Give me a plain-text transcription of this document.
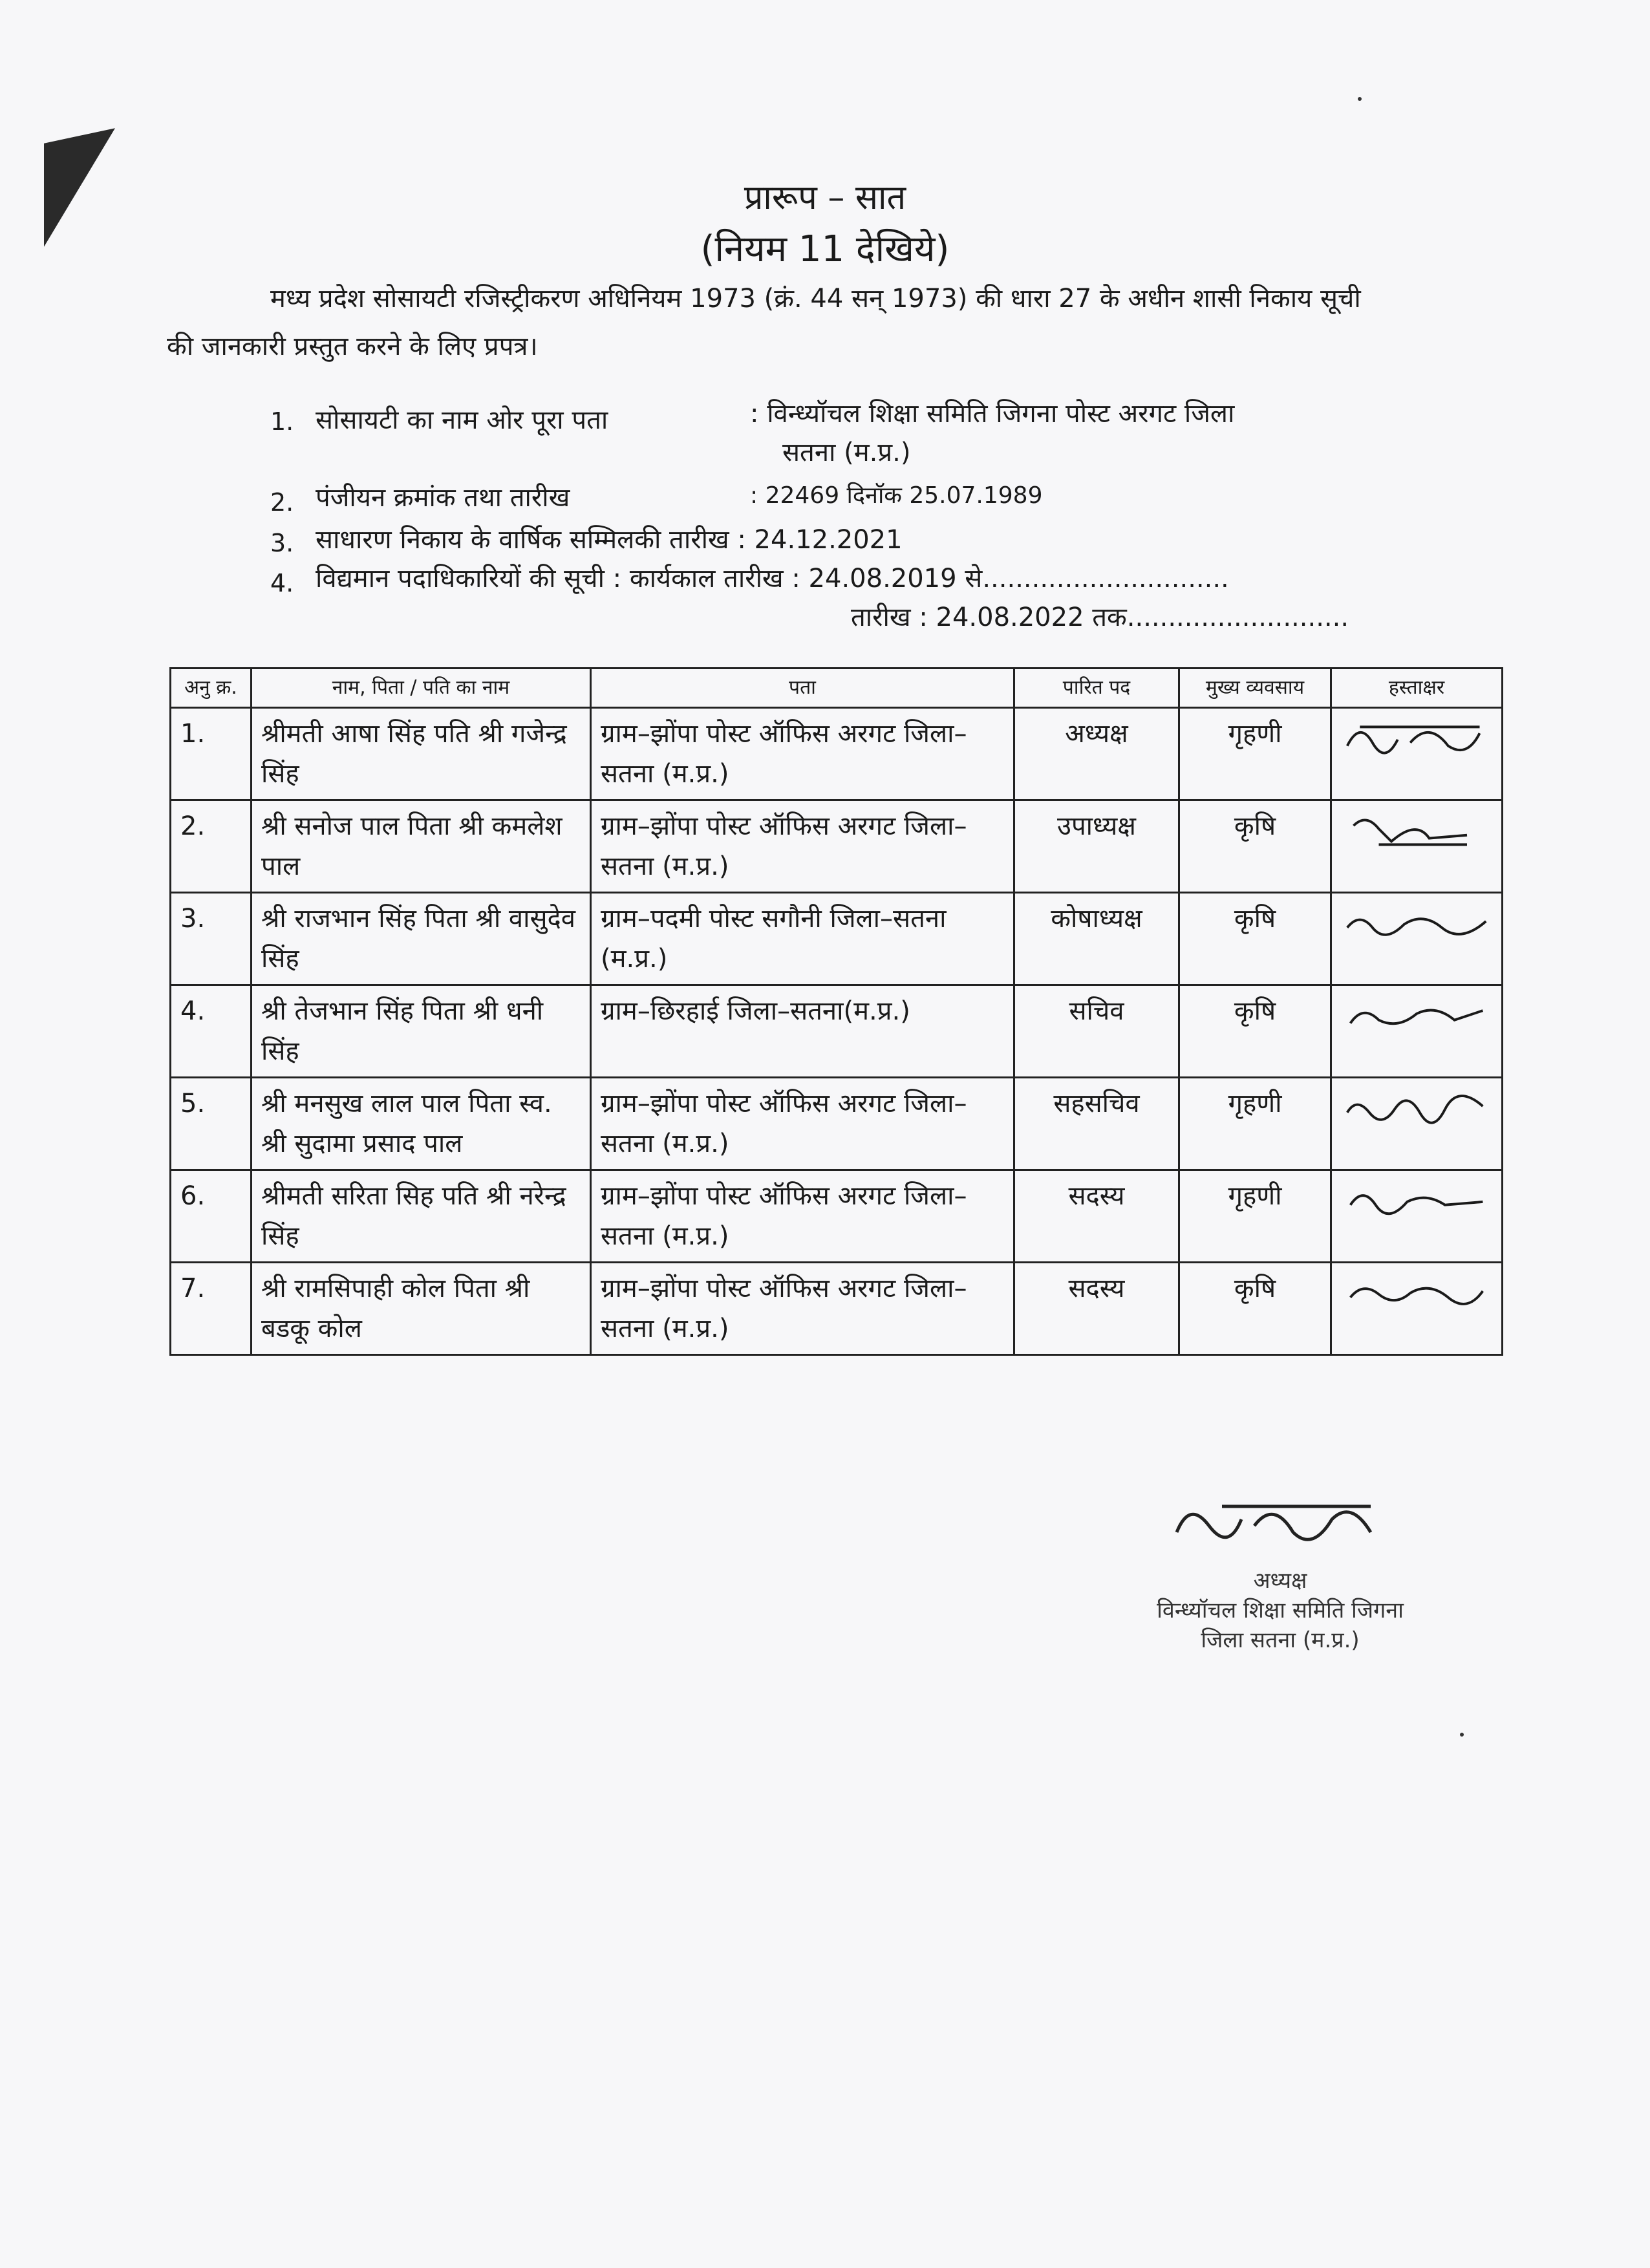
प्रारूप – सात
(नियम 11 देखिये)
मध्य प्रदेश सोसायटी रजिस्ट्रीकरण अधिनियम 1973 (क्रं. 44 सन् 1973) की धारा 27 के अधीन शासी निकाय सूची की जानकारी प्रस्तुत करने के लिए प्रपत्र।
1. सोसायटी का नाम ओर पूरा पता	: विन्ध्यॉचल शिक्षा समिति जिगना पोस्ट अरगट जिला
सतना (म.प्र.)
2. पंजीयन क्रमांक तथा तारीख	: 22469 दिनॉक 25.07.1989
3. साधारण निकाय के वार्षिक सम्मिलकी तारीख : 24.12.2021
4. विद्यमान पदाधिकारियों की सूची : कार्यकाल तारीख : 24.08.2019 से..............................
तारीख : 24.08.2022 तक...........................
अनु क्र.	नाम, पिता / पति का नाम	पता	पारित पद	मुख्य व्यवसाय	हस्ताक्षर
1.	श्रीमती आषा सिंह पति श्री गजेन्द्र सिंह	ग्राम–झोंपा पोस्ट ऑफिस अरगट जिला–सतना (म.प्र.)	अध्यक्ष	गृहणी	
2.	श्री सनोज पाल पिता श्री कमलेश पाल	ग्राम–झोंपा पोस्ट ऑफिस अरगट जिला–सतना (म.प्र.)	उपाध्यक्ष	कृषि	
3.	श्री राजभान सिंह पिता श्री वासुदेव सिंह	ग्राम–पदमी पोस्ट सगौनी जिला–सतना (म.प्र.)	कोषाध्यक्ष	कृषि	
4.	श्री तेजभान सिंह पिता श्री धनी सिंह	ग्राम–छिरहाई जिला–सतना(म.प्र.)	सचिव	कृषि	
5.	श्री मनसुख लाल पाल पिता स्व. श्री सुदामा प्रसाद पाल	ग्राम–झोंपा पोस्ट ऑफिस अरगट जिला–सतना (म.प्र.)	सहसचिव	गृहणी	
6.	श्रीमती सरिता सिह पति श्री नरेन्द्र सिंह	ग्राम–झोंपा पोस्ट ऑफिस अरगट जिला–सतना (म.प्र.)	सदस्य	गृहणी	
7.	श्री रामसिपाही कोल पिता श्री बडकू कोल	ग्राम–झोंपा पोस्ट ऑफिस अरगट जिला–सतना (म.प्र.)	सदस्य	कृषि	
अध्यक्ष
विन्ध्यॉचल शिक्षा समिति जिगना
जिला सतना (म.प्र.)
